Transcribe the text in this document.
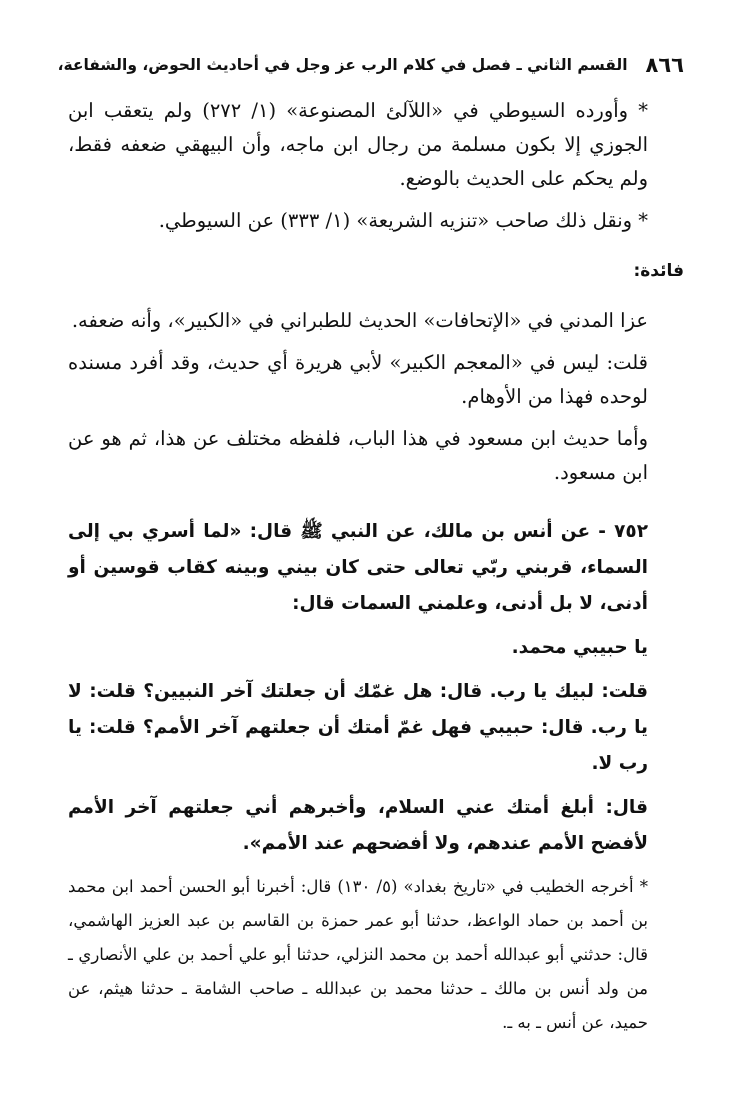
٨٦٦
القسم الثاني ـ فصل في كلام الرب عز وجل في أحاديث الحوض، والشفاعة،

* وأورده السيوطي في «اللآلئ المصنوعة» (١/ ٢٧٢) ولم يتعقب ابن الجوزي إلا بكون مسلمة من رجال ابن ماجه، وأن البيهقي ضعفه فقط، ولم يحكم على الحديث بالوضع.

* ونقل ذلك صاحب «تنزيه الشريعة» (١/ ٣٣٣) عن السيوطي.

فائدة:

عزا المدني في «الإتحافات» الحديث للطبراني في «الكبير»، وأنه ضعفه.

قلت: ليس في «المعجم الكبير» لأبي هريرة أي حديث، وقد أفرد مسنده لوحده فهذا من الأوهام.

وأما حديث ابن مسعود في هذا الباب، فلفظه مختلف عن هذا، ثم هو عن ابن مسعود.

٧٥٢ - عن أنس بن مالك، عن النبي ﷺ قال: «لما أسري بي إلى السماء، قربني ربّي تعالى حتى كان بيني وبينه كقاب قوسين أو أدنى، لا بل أدنى، وعلمني السمات قال:

يا حبيبي محمد.

قلت: لبيك يا رب. قال: هل غمّك أن جعلتك آخر النبيين؟ قلت: لا يا رب. قال: حبيبي فهل غمّ أمتك أن جعلتهم آخر الأمم؟ قلت: يا رب لا.

قال: أبلغ أمتك عني السلام، وأخبرهم أني جعلتهم آخر الأمم لأفضح الأمم عندهم، ولا أفضحهم عند الأمم».

* أخرجه الخطيب في «تاريخ بغداد» (٥/ ١٣٠) قال: أخبرنا أبو الحسن أحمد ابن محمد بن أحمد بن حماد الواعظ، حدثنا أبو عمر حمزة بن القاسم بن عبد العزيز الهاشمي، قال: حدثني أبو عبدالله أحمد بن محمد النزلي، حدثنا أبو علي أحمد بن علي الأنصاري ـ من ولد أنس بن مالك ـ حدثنا محمد بن عبدالله ـ صاحب الشامة ـ حدثنا هيثم، عن حميد، عن أنس ـ به ـ.
